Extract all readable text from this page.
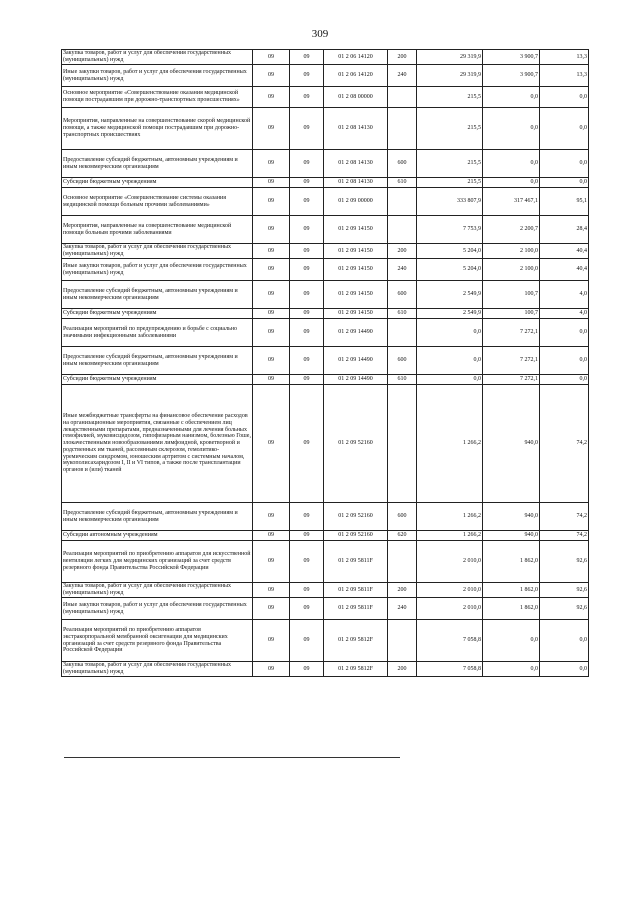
309
Закупка товаров, работ и услуг для обеспечения государственных (муниципальных) нужд	09	09	01 2 06 14120	200	29 319,9	3 900,7	13,3
Иные закупки товаров, работ и услуг для обеспечения государственных (муниципальных) нужд	09	09	01 2 06 14120	240	29 319,9	3 900,7	13,3
Основное мероприятие «Совершенствование оказания медицинской помощи пострадавшим при дорожно-транспортных происшествиях»	09	09	01 2 08 00000		215,5	0,0	0,0
Мероприятия, направленные на совершенствование скорой медицинской помощи, а также медицинской помощи пострадавшим при дорожно-транспортных происшествиях	09	09	01 2 08 14130		215,5	0,0	0,0
Предоставление субсидий бюджетным, автономным учреждениям и иным некоммерческим организациям	09	09	01 2 08 14130	600	215,5	0,0	0,0
Субсидии бюджетным учреждениям	09	09	01 2 08 14130	610	215,5	0,0	0,0
Основное мероприятие «Совершенствование системы оказания медицинской помощи больным прочими заболеваниями»	09	09	01 2 09 00000		333 807,9	317 467,1	95,1
Мероприятия, направленные на совершенствование медицинской помощи больным прочими заболеваниями	09	09	01 2 09 14150		7 753,9	2 200,7	28,4
Закупка товаров, работ и услуг для обеспечения государственных (муниципальных) нужд	09	09	01 2 09 14150	200	5 204,0	2 100,0	40,4
Иные закупки товаров, работ и услуг для обеспечения государственных (муниципальных) нужд	09	09	01 2 09 14150	240	5 204,0	2 100,0	40,4
Предоставление субсидий бюджетным, автономным учреждениям и иным некоммерческим организациям	09	09	01 2 09 14150	600	2 549,9	100,7	4,0
Субсидии бюджетным учреждениям	09	09	01 2 09 14150	610	2 549,9	100,7	4,0
Реализация мероприятий по предупреждению и борьбе с социально значимыми инфекционными заболеваниями	09	09	01 2 09 14490		0,0	7 272,1	0,0
Предоставление субсидий бюджетным, автономным учреждениям и иным некоммерческим организациям	09	09	01 2 09 14490	600	0,0	7 272,1	0,0
Субсидии бюджетным учреждениям	09	09	01 2 09 14490	610	0,0	7 272,1	0,0
Иные межбюджетные трансферты на финансовое обеспечение расходов на организационные мероприятия, связанные с обеспечением лиц лекарственными препаратами, предназначенными для лечения больных гемофилией, муковисцидозом, гипофизарным нанизмом, болезнью Гоше, злокачественными новообразованиями лимфоидной, кроветворной и родственных им тканей, рассеянным склерозом, гемолитико-уремическим синдромом, юношеским артритом с системным началом, мукополисахаридозом I, II и VI типов, а также после трансплантации органов и (или) тканей	09	09	01 2 09 52160		1 266,2	940,0	74,2
Предоставление субсидий бюджетным, автономным учреждениям и иным некоммерческим организациям	09	09	01 2 09 52160	600	1 266,2	940,0	74,2
Субсидии автономным учреждениям	09	09	01 2 09 52160	620	1 266,2	940,0	74,2
Реализация мероприятий по приобретению аппаратов для искусственной вентиляции легких для медицинских организаций за счет средств резервного фонда Правительства Российской Федерации	09	09	01 2 09 5811F		2 010,0	1 862,0	92,6
Закупка товаров, работ и услуг для обеспечения государственных (муниципальных) нужд	09	09	01 2 09 5811F	200	2 010,0	1 862,0	92,6
Иные закупки товаров, работ и услуг для обеспечения государственных (муниципальных) нужд	09	09	01 2 09 5811F	240	2 010,0	1 862,0	92,6
Реализация мероприятий по приобретению аппаратов экстракорпоральной мембранной оксигенации для медицинских организаций за счет средств резервного фонда Правительства Российской Федерации	09	09	01 2 09 5812F		7 058,8	0,0	0,0
Закупка товаров, работ и услуг для обеспечения государственных (муниципальных) нужд	09	09	01 2 09 5812F	200	7 058,8	0,0	0,0
